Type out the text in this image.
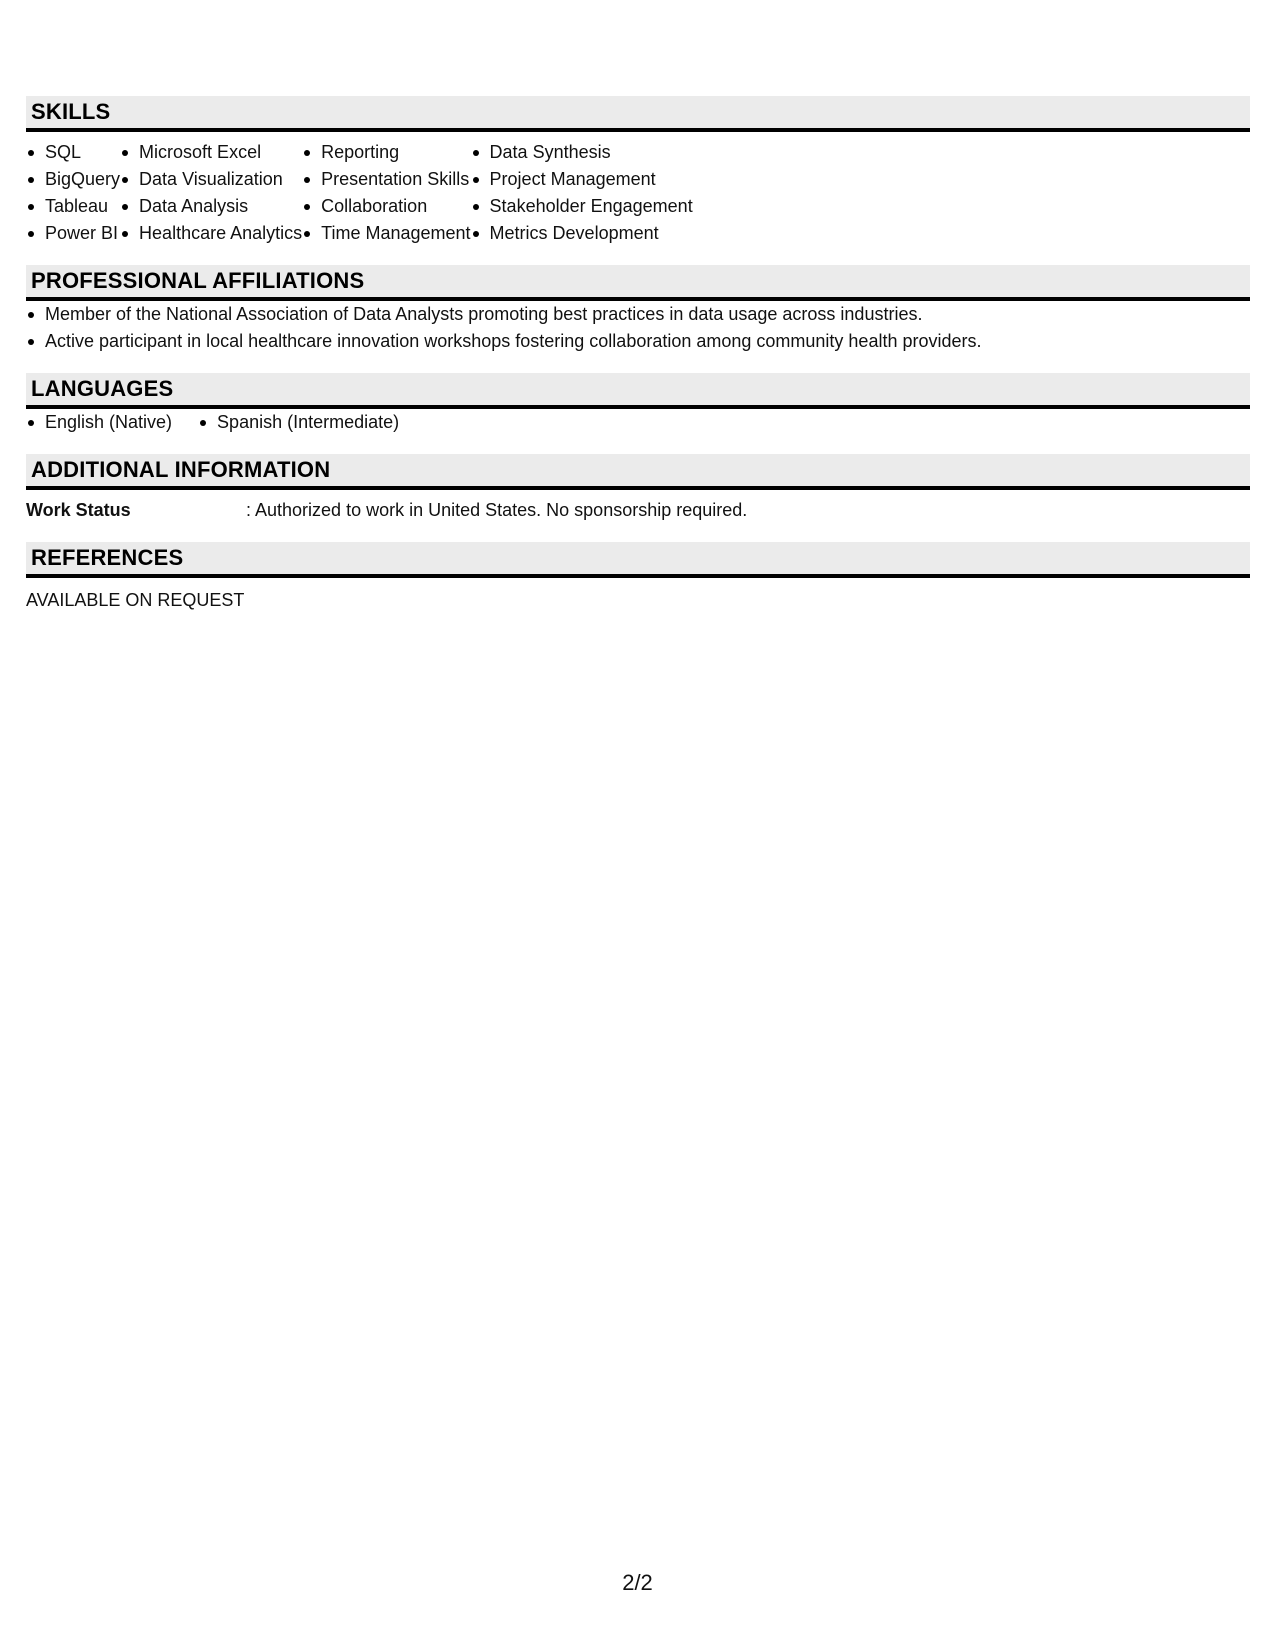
SKILLS
SQL
BigQuery
Tableau
Power BI
Microsoft Excel
Data Visualization
Data Analysis
Healthcare Analytics
Reporting
Presentation Skills
Collaboration
Time Management
Data Synthesis
Project Management
Stakeholder Engagement
Metrics Development
PROFESSIONAL AFFILIATIONS
Member of the National Association of Data Analysts promoting best practices in data usage across industries.
Active participant in local healthcare innovation workshops fostering collaboration among community health providers.
LANGUAGES
English (Native)	Spanish (Intermediate)
ADDITIONAL INFORMATION
Work Status	: Authorized to work in United States. No sponsorship required.
REFERENCES
AVAILABLE ON REQUEST
2/2
